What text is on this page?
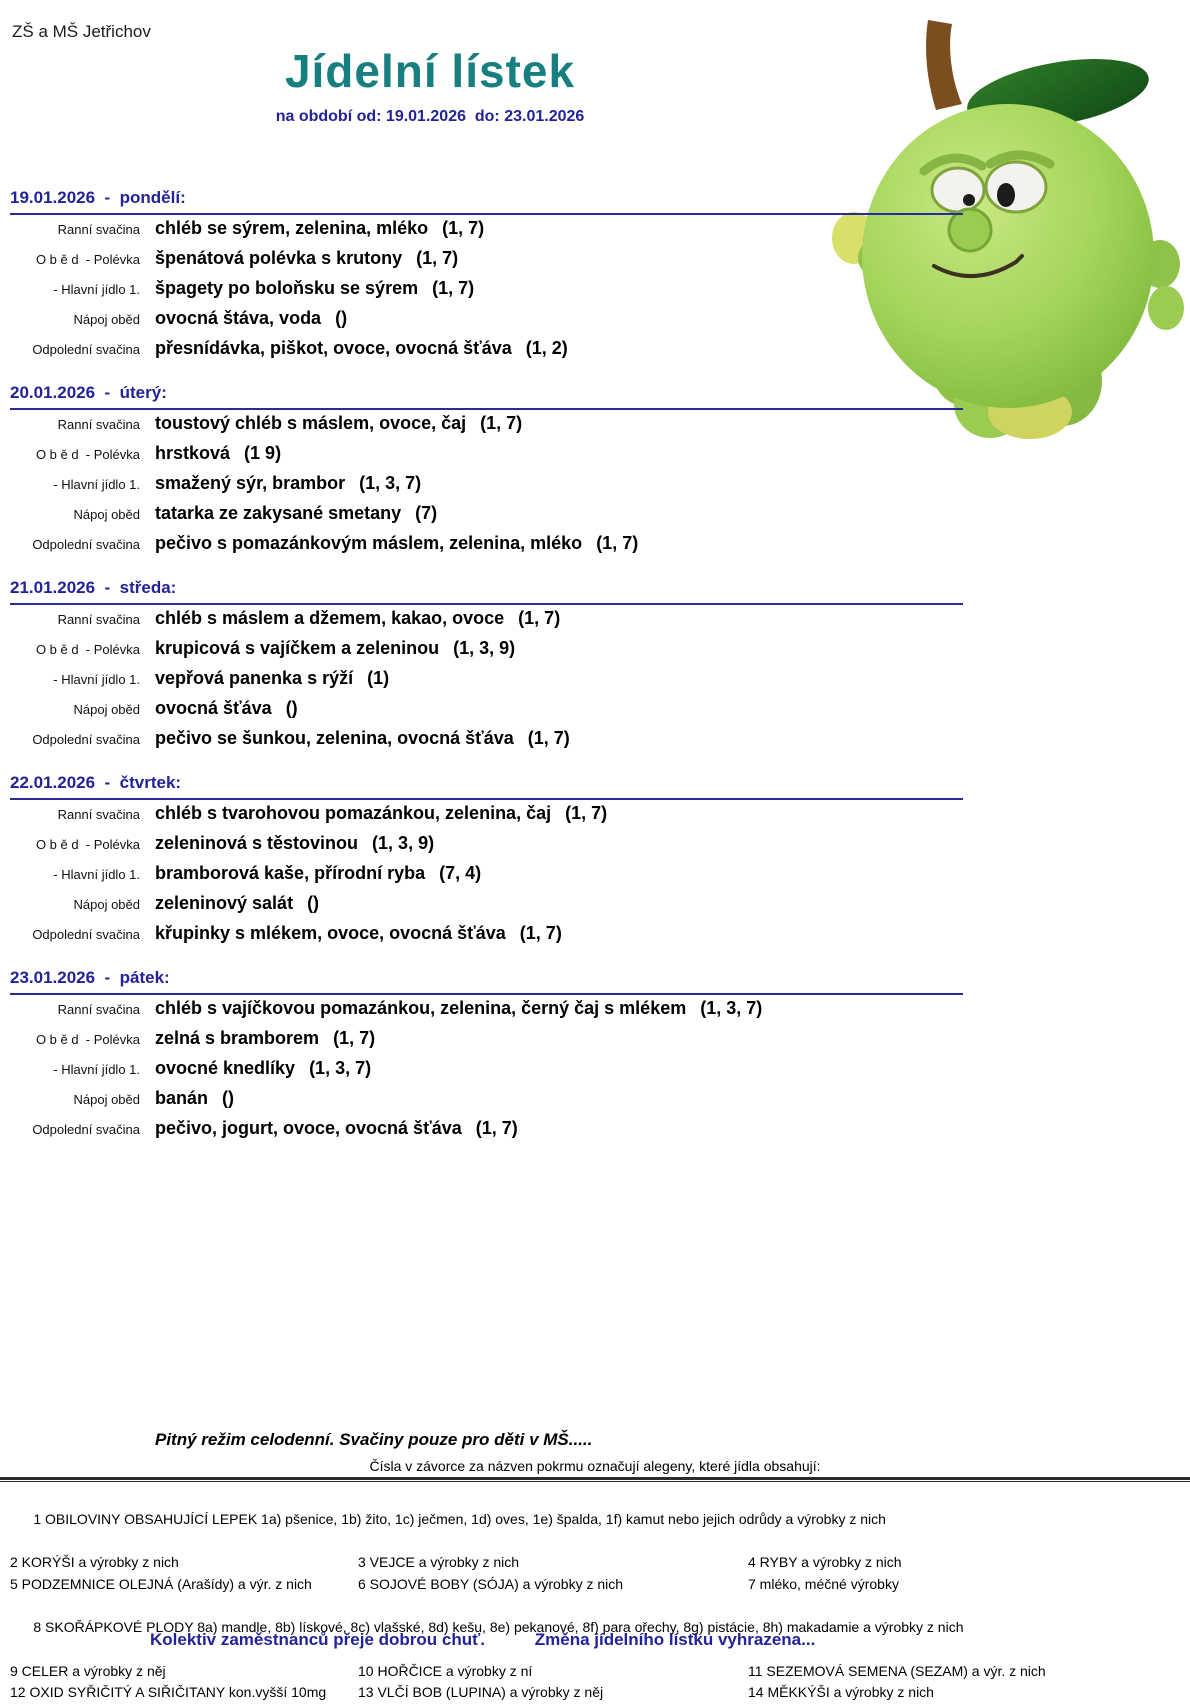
ZŠ a MŠ Jetřichov
Jídelní lístek
na období od: 19.01.2026  do: 23.01.2026
19.01.2026  -  pondělí:
Ranní svačina chléb se sýrem, zelenina, mléko (1, 7)
O b ě d  - Polévka špenátová polévka s krutony (1, 7)
- Hlavní jídlo 1. špagety po boloňsku se sýrem (1, 7)
Nápoj oběd ovocná štáva, voda ()
Odpolední svačina přesnídávka, piškot, ovoce, ovocná šťáva (1, 2)
20.01.2026  -  úterý:
Ranní svačina toustový chléb s máslem, ovoce, čaj (1, 7)
O b ě d  - Polévka hrstková (1 9)
- Hlavní jídlo 1. smažený sýr, brambor (1, 3, 7)
Nápoj oběd tatarka ze zakysané smetany (7)
Odpolední svačina pečivo s pomazánkovým máslem, zelenina, mléko (1, 7)
21.01.2026  -  středa:
Ranní svačina chléb s máslem a džemem, kakao, ovoce (1, 7)
O b ě d  - Polévka krupicová s vajíčkem a zeleninou (1, 3, 9)
- Hlavní jídlo 1. vepřová panenka s rýží (1)
Nápoj oběd ovocná šťáva ()
Odpolední svačina pečivo se šunkou, zelenina, ovocná šťáva (1, 7)
22.01.2026  -  čtvrtek:
Ranní svačina chléb s tvarohovou pomazánkou, zelenina, čaj (1, 7)
O b ě d  - Polévka zeleninová s těstovinou (1, 3, 9)
- Hlavní jídlo 1. bramborová kaše, přírodní ryba (7, 4)
Nápoj oběd zeleninový salát ()
Odpolední svačina křupinky s mlékem, ovoce, ovocná šťáva (1, 7)
23.01.2026  -  pátek:
Ranní svačina chléb s vajíčkovou pomazánkou, zelenina, černý čaj s mlékem (1, 3, 7)
O b ě d  - Polévka zelná s bramborem (1, 7)
- Hlavní jídlo 1. ovocné knedlíky (1, 3, 7)
Nápoj oběd banán ()
Odpolední svačina pečivo, jogurt, ovoce, ovocná šťáva (1, 7)
Pitný režim celodenní. Svačiny pouze pro děti v MŠ.....
Čísla v závorce za názven pokrmu označují alegeny, které jídla obsahují:

1 OBILOVINY OBSAHUJÍCÍ LEPEK 1a) pšenice, 1b) žito, 1c) ječmen, 1d) oves, 1e) špalda, 1f) kamut nebo jejich odrůdy a výrobky z nich

2 KORÝŠI a výrobky z nich	3 VEJCE a výrobky z nich	4 RYBY a výrobky z nich
5 PODZEMNICE OLEJNÁ (Arašídy) a výr. z nich	6 SOJOVÉ BOBY (SÓJA) a výrobky z nich	7 mléko, méčné výrobky

8 SKOŘÁPKOVÉ PLODY 8a) mandle, 8b) lískové, 8c) vlašské, 8d) kešu, 8e) pekanové, 8f) para ořechy, 8g) pistácie, 8h) makadamie a výrobky z nich

9 CELER a výrobky z něj	10 HOŘČICE a výrobky z ní	11 SEZEMOVÁ SEMENA (SEZAM) a výr. z nich
12 OXID SYŘIČITÝ A SIŘIČITANY kon.vyšší 10mg	13 VLČÍ BOB (LUPINA) a výrobky z něj	14 MĚKKÝŠI a výrobky z nich
Kolektiv zaměstnanců přeje dobrou chuť.	Změna jídelního lístku vyhrazena...
